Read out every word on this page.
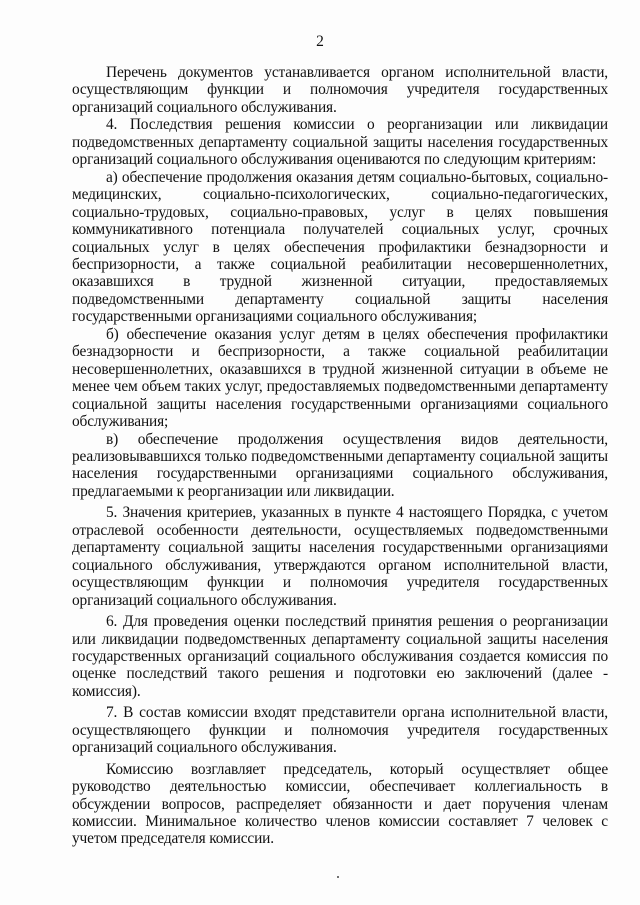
2

Перечень документов устанавливается органом исполнительной власти, осуществляющим функции и полномочия учредителя государственных организаций социального обслуживания.

4. Последствия решения комиссии о реорганизации или ликвидации подведомственных департаменту социальной защиты населения государственных организаций социального обслуживания оцениваются по следующим критериям:

а) обеспечение продолжения оказания детям социально-бытовых, социально-медицинских, социально-психологических, социально-педагогических, социально-трудовых, социально-правовых, услуг в целях повышения коммуникативного потенциала получателей социальных услуг, срочных социальных услуг в целях обеспечения профилактики безнадзорности и беспризорности, а также социальной реабилитации несовершеннолетних, оказавшихся в трудной жизненной ситуации, предоставляемых подведомственными департаменту социальной защиты населения государственными организациями социального обслуживания;

б) обеспечение оказания услуг детям в целях обеспечения профилактики безнадзорности и беспризорности, а также социальной реабилитации несовершеннолетних, оказавшихся в трудной жизненной ситуации в объеме не менее чем объем таких услуг, предоставляемых подведомственными департаменту социальной защиты населения государственными организациями социального обслуживания;

в) обеспечение продолжения осуществления видов деятельности, реализовывавшихся только подведомственными департаменту социальной защиты населения государственными организациями социального обслуживания, предлагаемыми к реорганизации или ликвидации.

5. Значения критериев, указанных в пункте 4 настоящего Порядка, с учетом отраслевой особенности деятельности, осуществляемых подведомственными департаменту социальной защиты населения государственными организациями социального обслуживания, утверждаются органом исполнительной власти, осуществляющим функции и полномочия учредителя государственных организаций социального обслуживания.

6. Для проведения оценки последствий принятия решения о реорганизации или ликвидации подведомственных департаменту социальной защиты населения государственных организаций социального обслуживания создается комиссия по оценке последствий такого решения и подготовки ею заключений (далее - комиссия).

7. В состав комиссии входят представители органа исполнительной власти, осуществляющего функции и полномочия учредителя государственных организаций социального обслуживания.

Комиссию возглавляет председатель, который осуществляет общее руководство деятельностью комиссии, обеспечивает коллегиальность в обсуждении вопросов, распределяет обязанности и дает поручения членам комиссии. Минимальное количество членов комиссии составляет 7 человек с учетом председателя комиссии.
